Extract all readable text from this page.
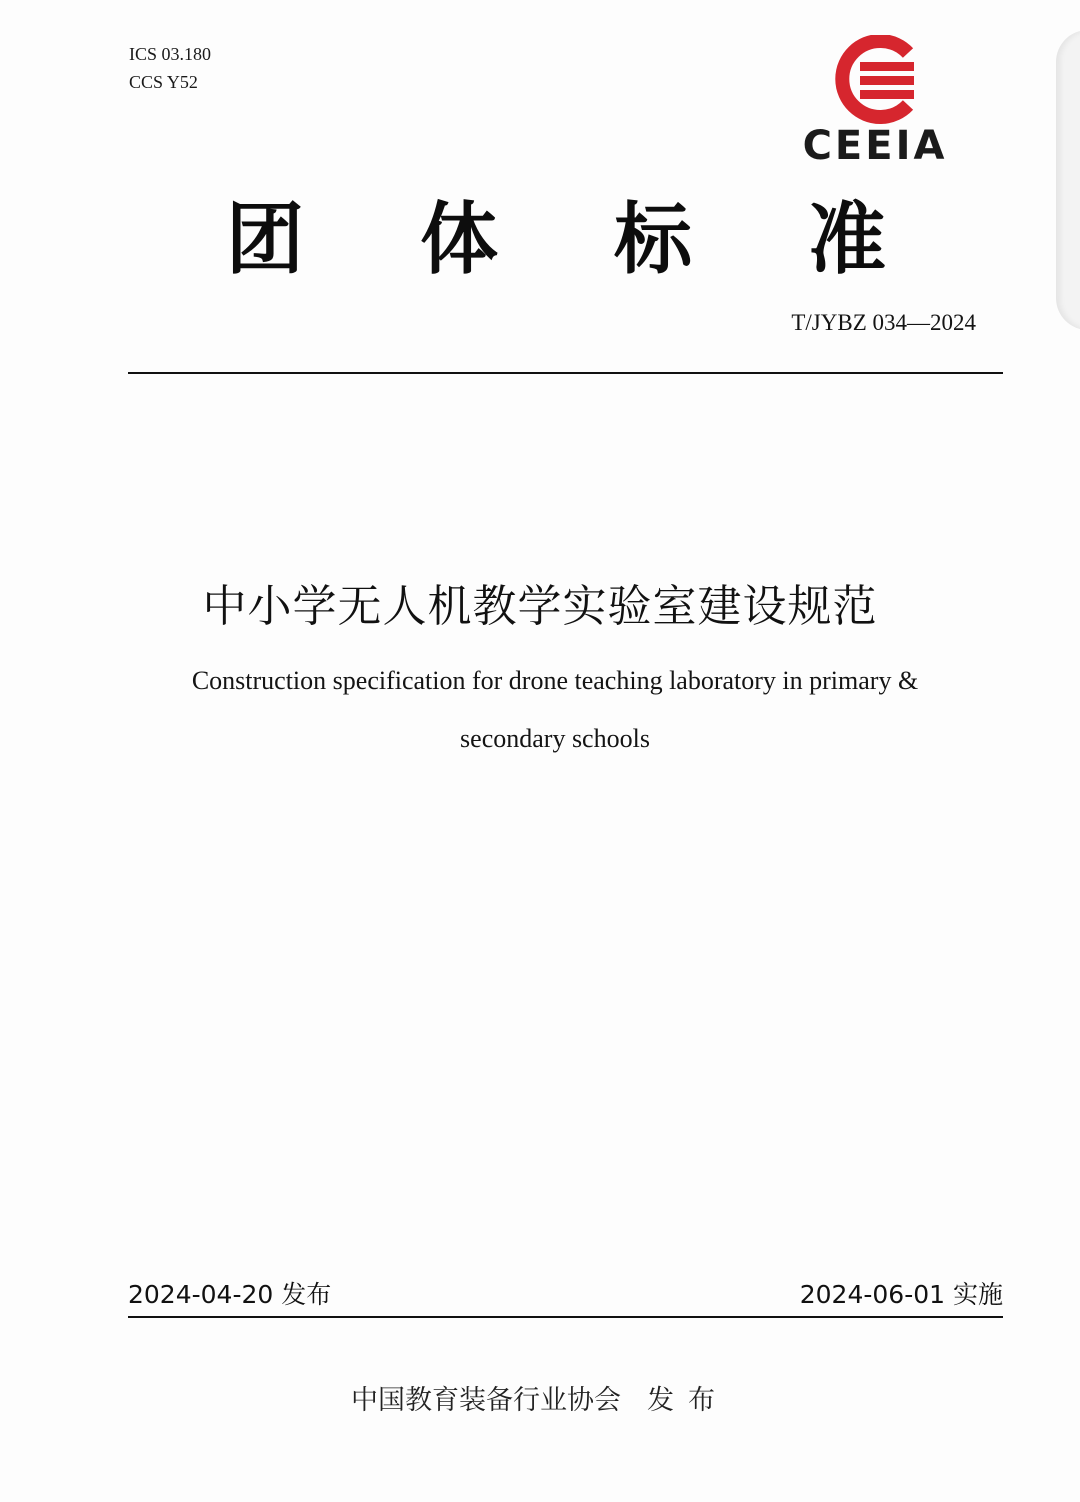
ICS 03.180
CCS Y52
CEEIA
团 体 标 准
T/JYBZ 034—2024
中小学无人机教学实验室建设规范
Construction specification for drone teaching laboratory in primary & secondary schools
2024-04-20 发布	2024-06-01 实施
中国教育装备行业协会 发布
